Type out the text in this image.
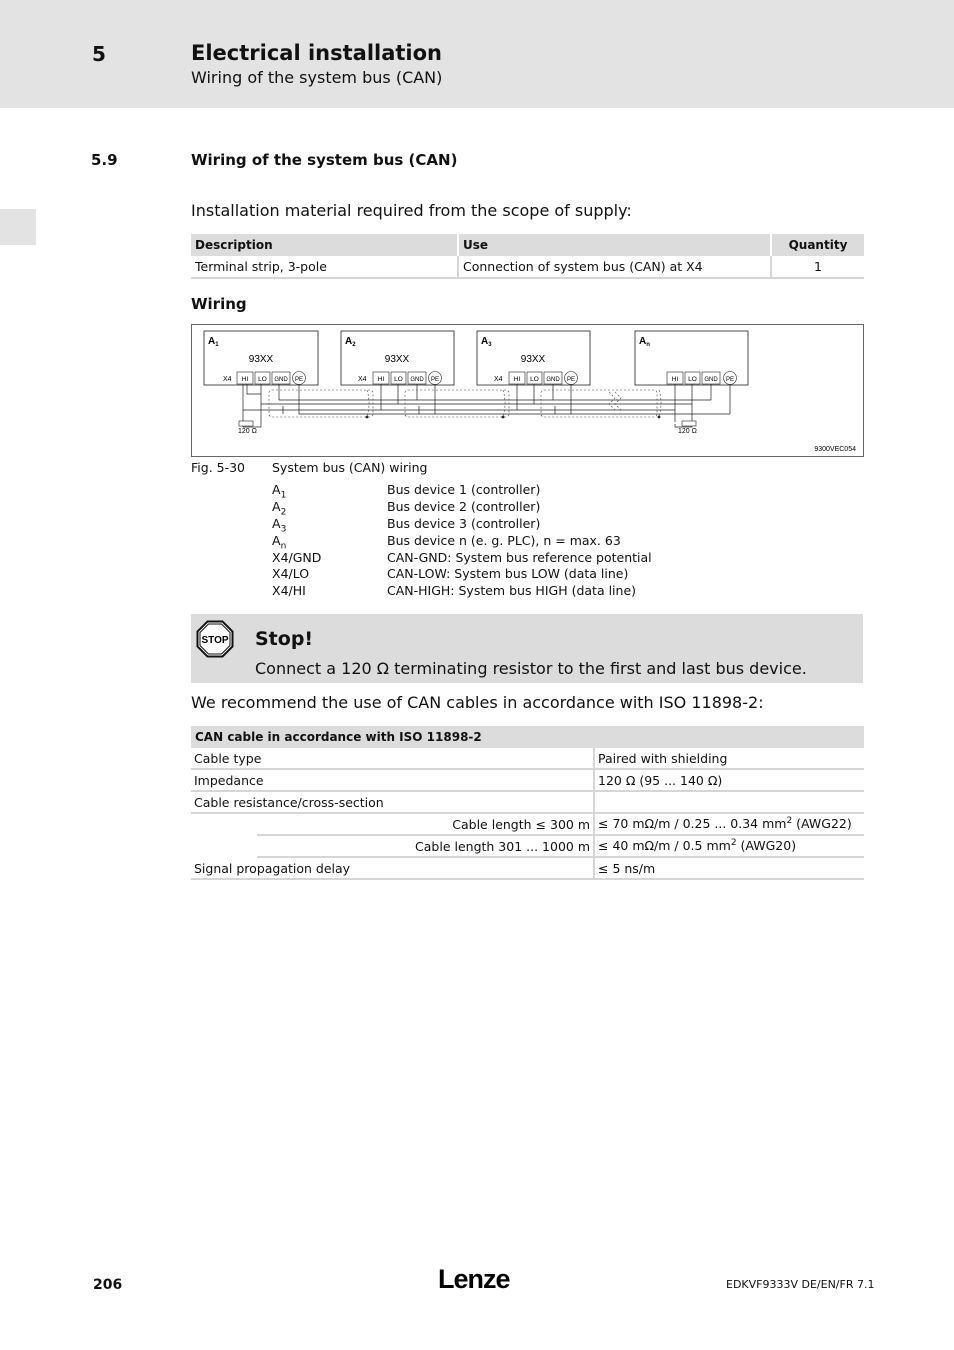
5	Electrical installation
Wiring of the system bus (CAN)
5.9	Wiring of the system bus (CAN)
Installation material required from the scope of supply:
Description	Use	Quantity
Terminal strip, 3-pole	Connection of system bus (CAN) at X4	1
Wiring
$A_1$
93XX
X4 HI LO GND PE
$A_2$
93XX
X4 HI LO GND PE
$A_3$
93XX
X4 HI LO GND PE
$A_n$
HI LO GND PE
120 Ω	120 Ω
9300VEC054
Fig. 5-30 System bus (CAN) wiring
$A_1$	Bus device 1 (controller)
$A_2$	Bus device 2 (controller)
$A_3$	Bus device 3 (controller)
$A_n$	Bus device n (e. g. PLC), n = max. 63
X4/GND	CAN-GND: System bus reference potential
X4/LO	CAN-LOW: System bus LOW (data line)
X4/HI	CAN-HIGH: System bus HIGH (data line)
STOP Stop!
Connect a 120 Ω terminating resistor to the first and last bus device.
We recommend the use of CAN cables in accordance with ISO 11898-2:
CAN cable in accordance with ISO 11898-2		
Cable type		Paired with shielding
Impedance		120 Ω (95 ... 140 Ω)
Cable resistance/cross-section		
	Cable length ≤ 300 m	≤ 70 mΩ/m / 0.25 ... 0.34 $mm^2$ (AWG22)
	Cable length 301 ... 1000 m	≤ 40 mΩ/m / 0.5 $mm^2$ (AWG20)
Signal propagation delay		≤ 5 ns/m
206	Lenze	EDKVF9333V DE/EN/FR 7.1
